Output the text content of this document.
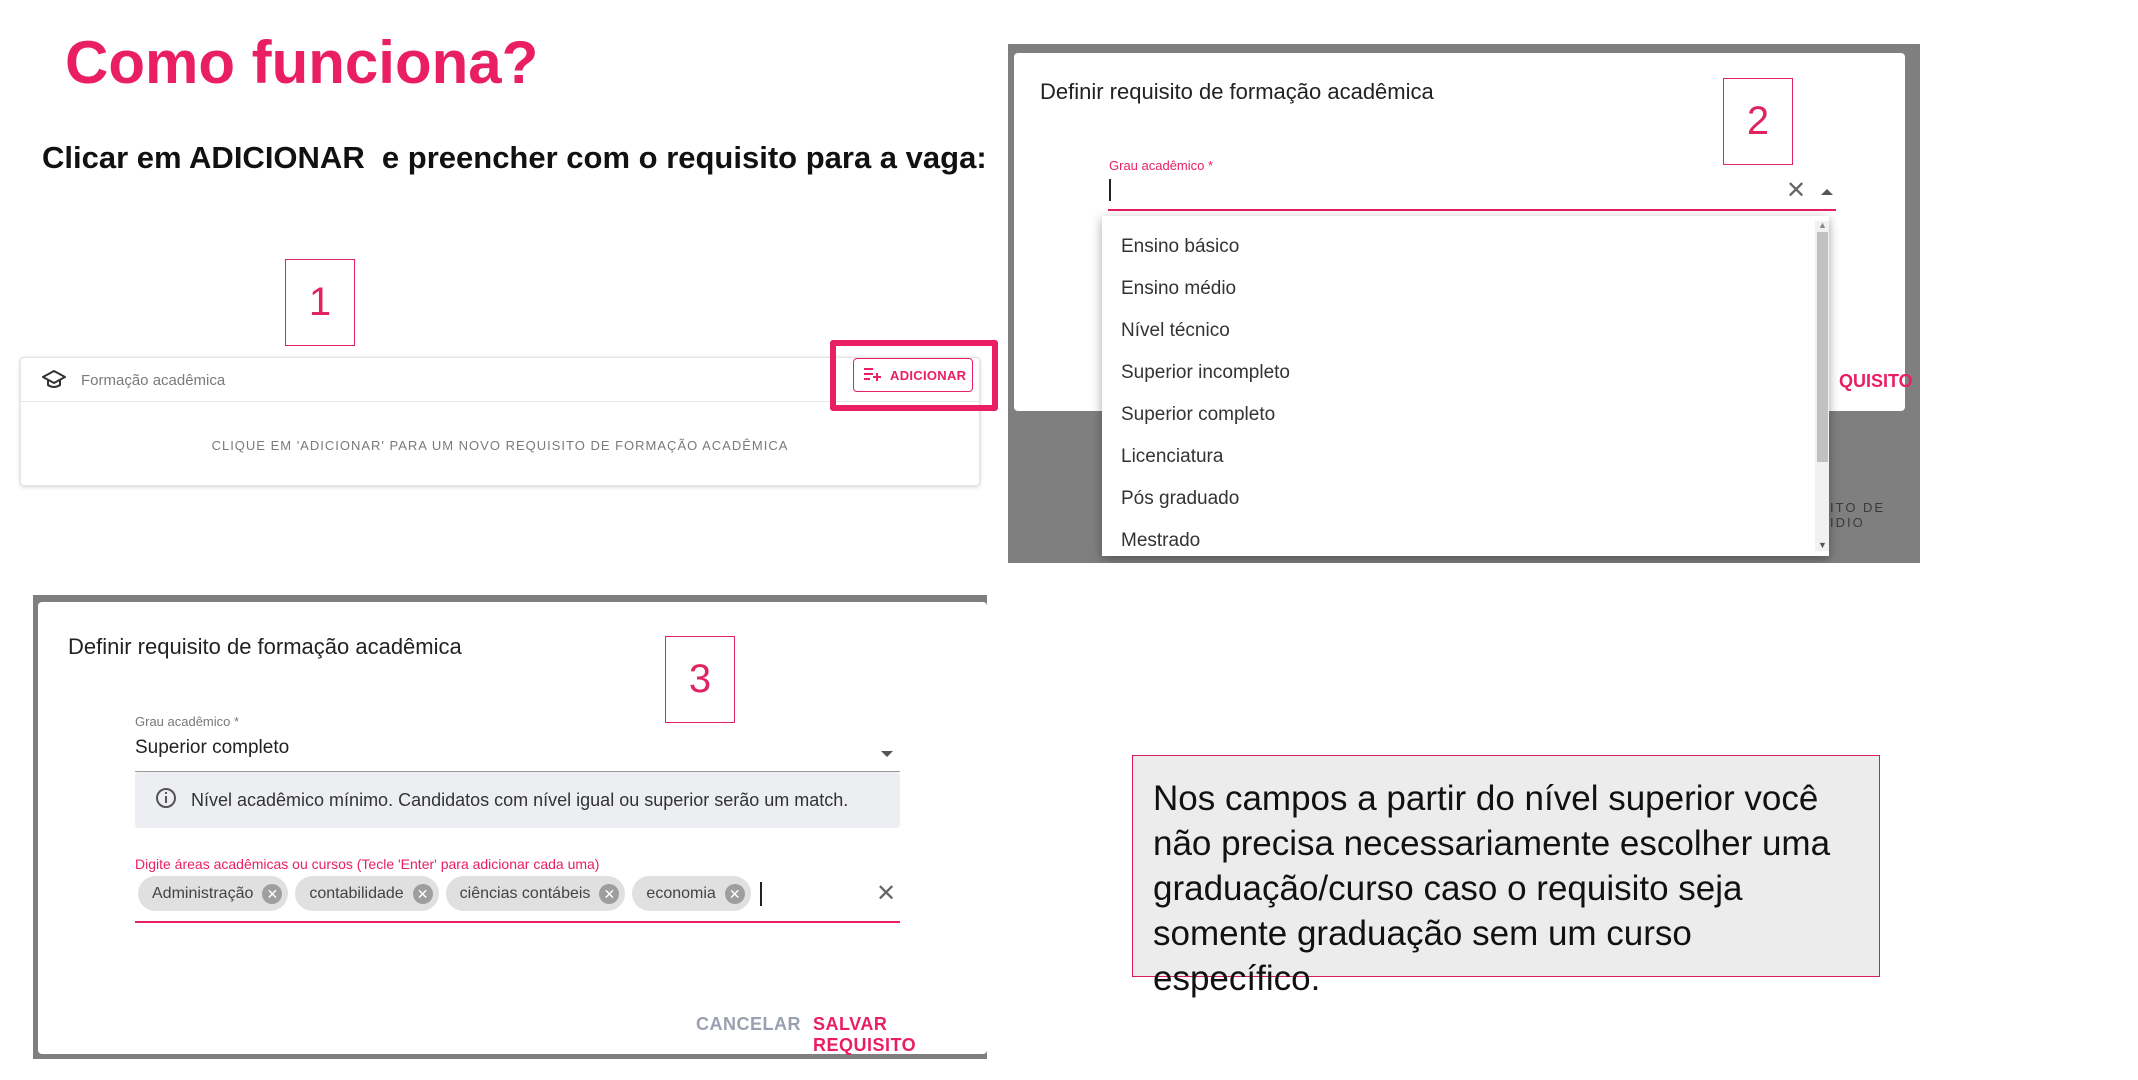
Como funciona?
Clicar em ADICIONAR  e preencher com o requisito para a vaga:
1
Formação acadêmica
CLIQUE EM 'ADICIONAR' PARA UM NOVO REQUISITO DE FORMAÇÃO ACADÊMICA
ADICIONAR
Definir requisito de formação acadêmica
Grau acadêmico *
✕
QUISITO
ITO DE IDIO
Ensino básico
Ensino médio
Nível técnico
Superior incompleto
Superior completo
Licenciatura
Pós graduado
Mestrado
▲
▼
2
Definir requisito de formação acadêmica
Grau acadêmico *
Superior completo
Nível acadêmico mínimo. Candidatos com nível igual ou superior serão um match.
Digite áreas acadêmicas ou cursos (Tecle 'Enter' para adicionar cada uma)
Administração ✕ contabilidade ✕ ciências contábeis ✕ economia ✕	✕
CANCELAR SALVAR REQUISITO
3
Nos campos a partir do nível superior você não precisa necessariamente escolher uma graduação/curso caso o requisito seja somente graduação sem um curso específico.
